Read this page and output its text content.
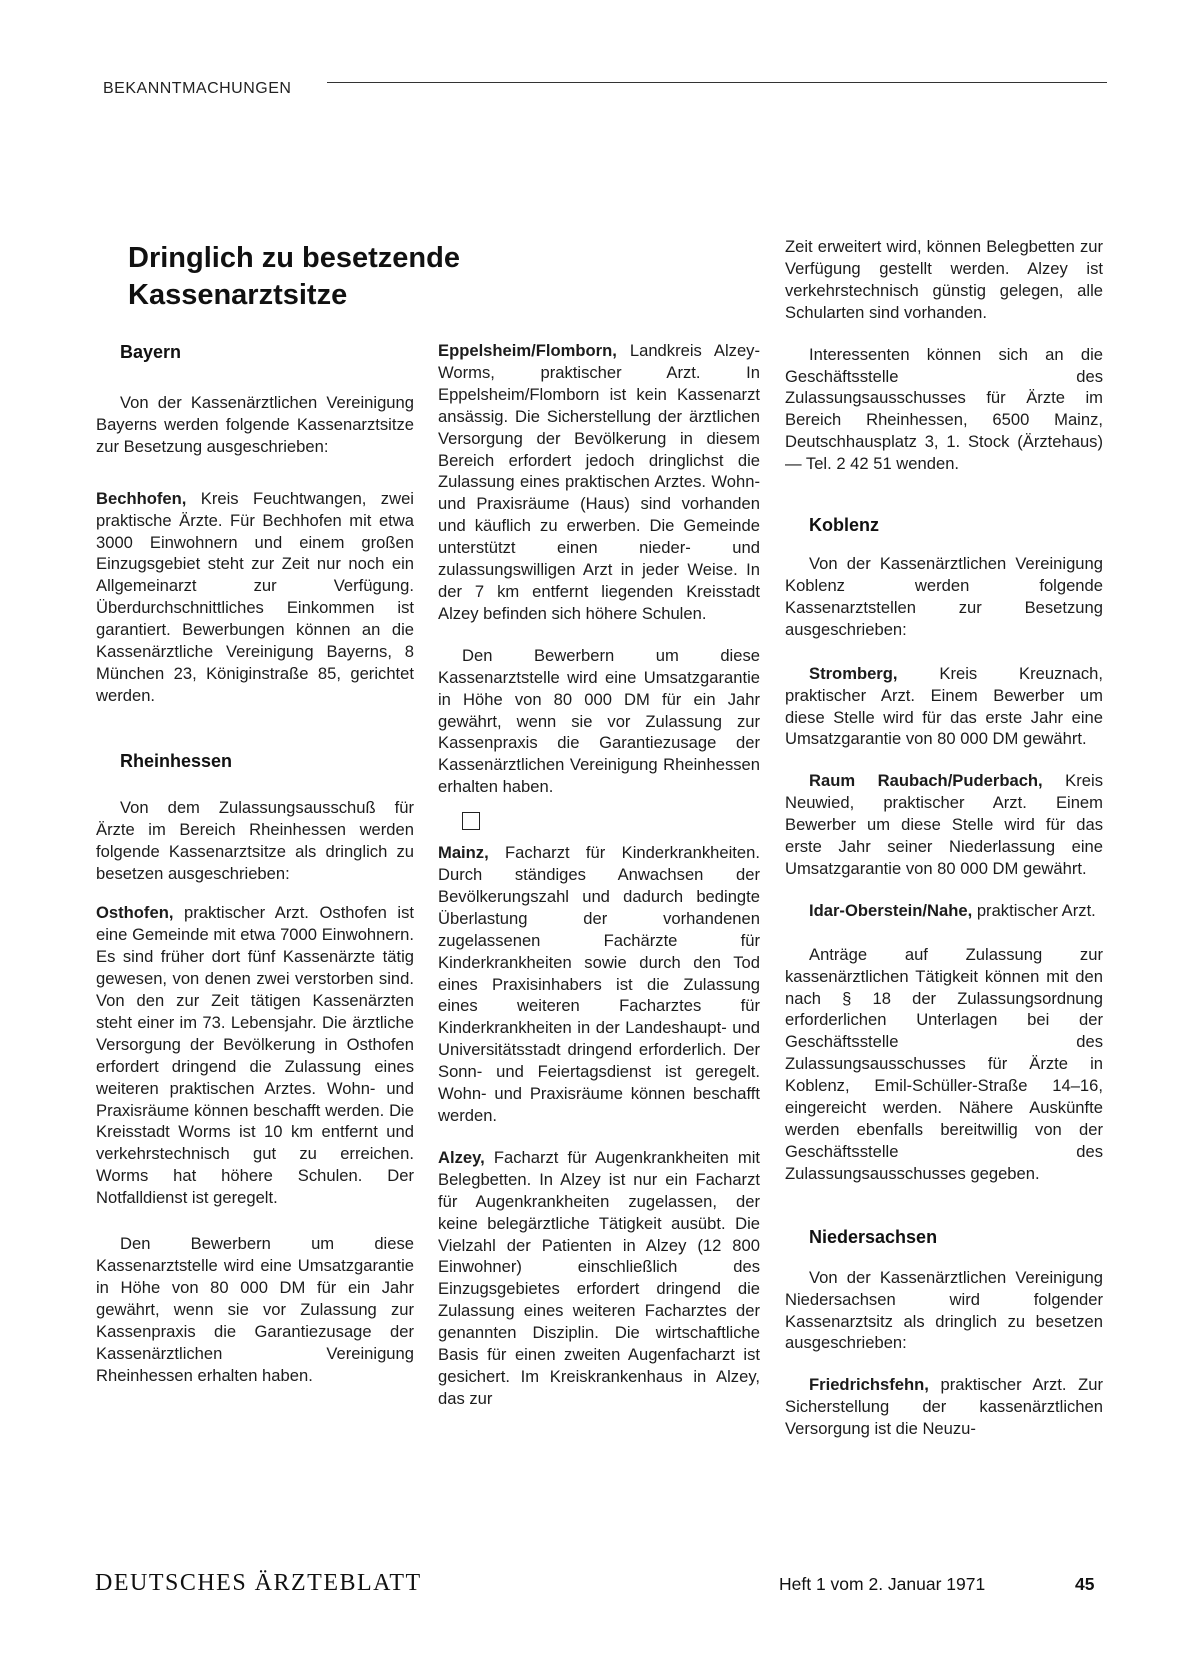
BEKANNTMACHUNGEN
Dringlich zu besetzende
Kassenarztsitze
Bayern

Von der Kassenärztlichen Vereinigung Bayerns werden folgende Kassenarztsitze zur Besetzung ausgeschrieben:

Bechhofen, Kreis Feuchtwangen, zwei praktische Ärzte. Für Bechhofen mit etwa 3000 Einwohnern und einem großen Einzugsgebiet steht zur Zeit nur noch ein Allgemeinarzt zur Verfügung. Überdurchschnittliches Einkommen ist garantiert. Bewerbungen können an die Kassenärztliche Vereinigung Bayerns, 8 München 23, Königinstraße 85, gerichtet werden.

Rheinhessen

Von dem Zulassungsausschuß für Ärzte im Bereich Rheinhessen werden folgende Kassenarztsitze als dringlich zu besetzen ausgeschrieben:

Osthofen, praktischer Arzt. Osthofen ist eine Gemeinde mit etwa 7000 Einwohnern. Es sind früher dort fünf Kassenärzte tätig gewesen, von denen zwei verstorben sind. Von den zur Zeit tätigen Kassenärzten steht einer im 73. Lebensjahr. Die ärztliche Versorgung der Bevölkerung in Osthofen erfordert dringend die Zulassung eines weiteren praktischen Arztes. Wohn- und Praxisräume können beschafft werden. Die Kreisstadt Worms ist 10 km entfernt und verkehrstechnisch gut zu erreichen. Worms hat höhere Schulen. Der Notfalldienst ist geregelt.

Den Bewerbern um diese Kassenarztstelle wird eine Umsatzgarantie in Höhe von 80 000 DM für ein Jahr gewährt, wenn sie vor Zulassung zur Kassenpraxis die Garantiezusage der Kassenärztlichen Vereinigung Rheinhessen erhalten haben.

Eppelsheim/Flomborn, Landkreis Alzey-Worms, praktischer Arzt. In Eppelsheim/Flomborn ist kein Kassenarzt ansässig. Die Sicherstellung der ärztlichen Versorgung der Bevölkerung in diesem Bereich erfordert jedoch dringlichst die Zulassung eines praktischen Arztes. Wohn- und Praxisräume (Haus) sind vorhanden und käuflich zu erwerben. Die Gemeinde unterstützt einen nieder- und zulassungswilligen Arzt in jeder Weise. In der 7 km entfernt liegenden Kreisstadt Alzey befinden sich höhere Schulen.

Den Bewerbern um diese Kassenarztstelle wird eine Umsatzgarantie in Höhe von 80 000 DM für ein Jahr gewährt, wenn sie vor Zulassung zur Kassenpraxis die Garantiezusage der Kassenärztlichen Vereinigung Rheinhessen erhalten haben.

Mainz, Facharzt für Kinderkrankheiten. Durch ständiges Anwachsen der Bevölkerungszahl und dadurch bedingte Überlastung der vorhandenen zugelassenen Fachärzte für Kinderkrankheiten sowie durch den Tod eines Praxisinhabers ist die Zulassung eines weiteren Facharztes für Kinderkrankheiten in der Landeshaupt- und Universitätsstadt dringend erforderlich. Der Sonn- und Feiertagsdienst ist geregelt. Wohn- und Praxisräume können beschafft werden.

Alzey, Facharzt für Augenkrankheiten mit Belegbetten. In Alzey ist nur ein Facharzt für Augenkrankheiten zugelassen, der keine belegärztliche Tätigkeit ausübt. Die Vielzahl der Patienten in Alzey (12 800 Einwohner) einschließlich des Einzugsgebietes erfordert dringend die Zulassung eines weiteren Facharztes der genannten Disziplin. Die wirtschaftliche Basis für einen zweiten Augenfacharzt ist gesichert. Im Kreiskrankenhaus in Alzey, das zur

Zeit erweitert wird, können Belegbetten zur Verfügung gestellt werden. Alzey ist verkehrstechnisch günstig gelegen, alle Schularten sind vorhanden.

Interessenten können sich an die Geschäftsstelle des Zulassungsausschusses für Ärzte im Bereich Rheinhessen, 6500 Mainz, Deutschhausplatz 3, 1. Stock (Ärztehaus) — Tel. 2 42 51 wenden.

Koblenz

Von der Kassenärztlichen Vereinigung Koblenz werden folgende Kassenarztstellen zur Besetzung ausgeschrieben:

Stromberg, Kreis Kreuznach, praktischer Arzt. Einem Bewerber um diese Stelle wird für das erste Jahr eine Umsatzgarantie von 80 000 DM gewährt.

Raum Raubach/Puderbach, Kreis Neuwied, praktischer Arzt. Einem Bewerber um diese Stelle wird für das erste Jahr seiner Niederlassung eine Umsatzgarantie von 80 000 DM gewährt.

Idar-Oberstein/Nahe, praktischer Arzt.

Anträge auf Zulassung zur kassenärztlichen Tätigkeit können mit den nach § 18 der Zulassungsordnung erforderlichen Unterlagen bei der Geschäftsstelle des Zulassungsausschusses für Ärzte in Koblenz, Emil-Schüller-Straße 14–16, eingereicht werden. Nähere Auskünfte werden ebenfalls bereitwillig von der Geschäftsstelle des Zulassungsausschusses gegeben.

Niedersachsen

Von der Kassenärztlichen Vereinigung Niedersachsen wird folgender Kassenarztsitz als dringlich zu besetzen ausgeschrieben:

Friedrichsfehn, praktischer Arzt. Zur Sicherstellung der kassenärztlichen Versorgung ist die Neuzu-

DEUTSCHES ÄRZTEBLATT	Heft 1 vom 2. Januar 1971	45
